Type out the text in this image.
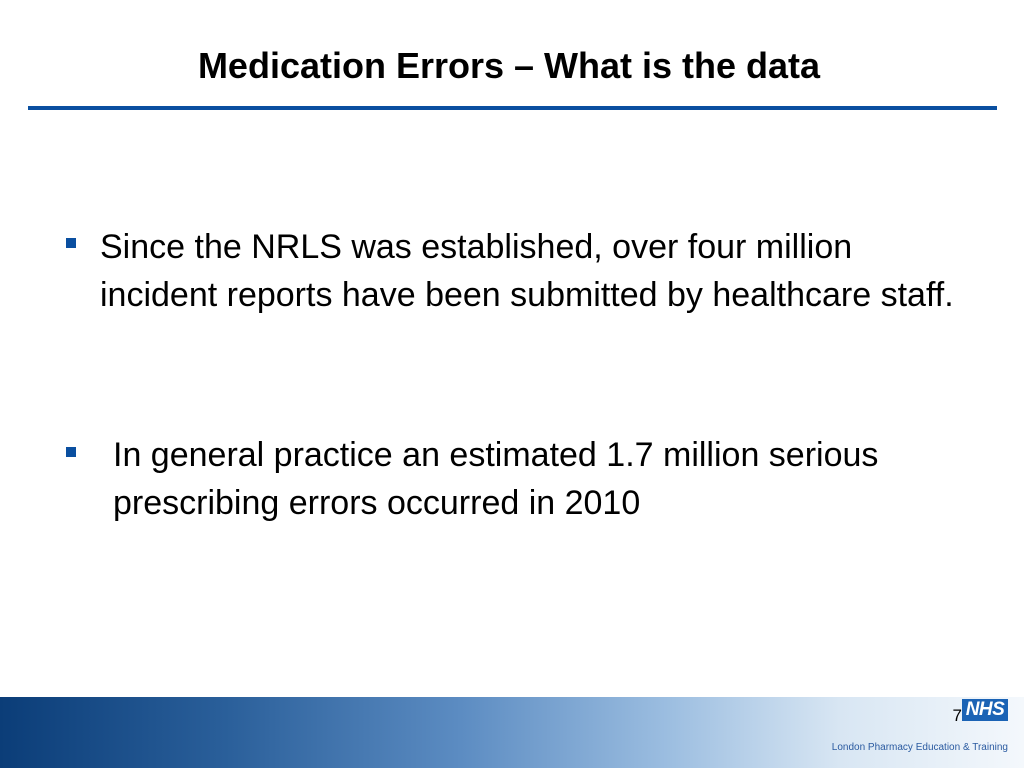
Medication Errors – What is the data
Since the NRLS was established, over four million incident reports have been submitted by healthcare staff.
In general practice an estimated 1.7 million serious prescribing errors occurred in 2010
7 NHS
London Pharmacy Education & Training
